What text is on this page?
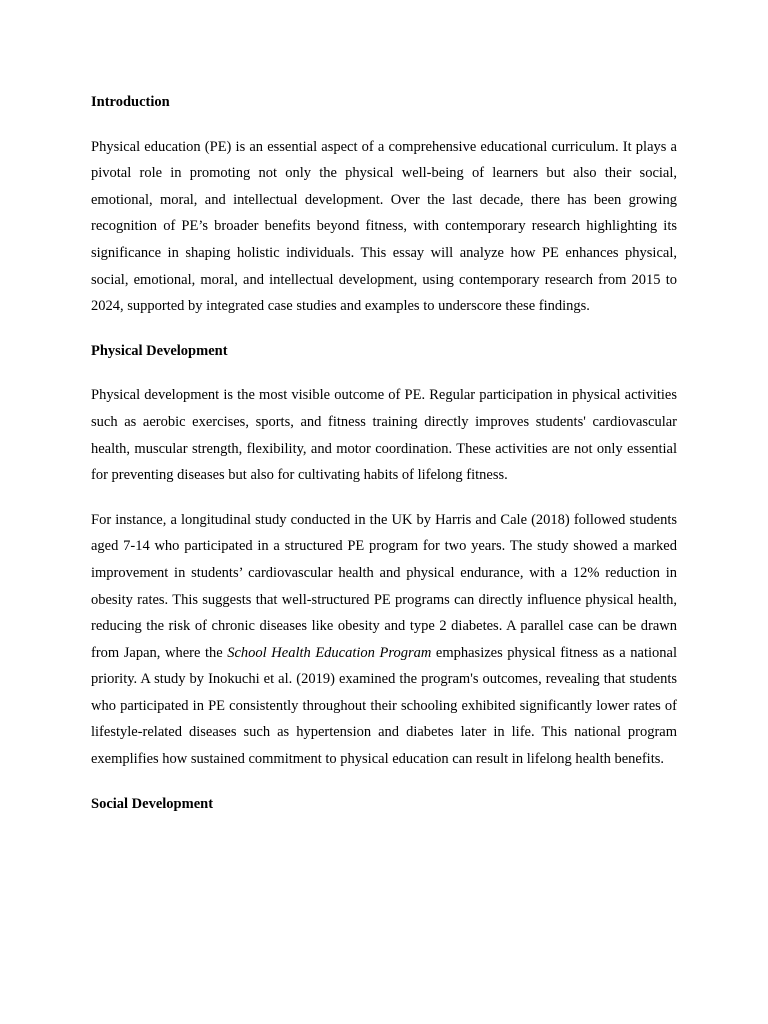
Introduction

Physical education (PE) is an essential aspect of a comprehensive educational curriculum. It plays a pivotal role in promoting not only the physical well-being of learners but also their social, emotional, moral, and intellectual development. Over the last decade, there has been growing recognition of PE’s broader benefits beyond fitness, with contemporary research highlighting its significance in shaping holistic individuals. This essay will analyze how PE enhances physical, social, emotional, moral, and intellectual development, using contemporary research from 2015 to 2024, supported by integrated case studies and examples to underscore these findings.

Physical Development

Physical development is the most visible outcome of PE. Regular participation in physical activities such as aerobic exercises, sports, and fitness training directly improves students' cardiovascular health, muscular strength, flexibility, and motor coordination. These activities are not only essential for preventing diseases but also for cultivating habits of lifelong fitness.

For instance, a longitudinal study conducted in the UK by Harris and Cale (2018) followed students aged 7-14 who participated in a structured PE program for two years. The study showed a marked improvement in students’ cardiovascular health and physical endurance, with a 12% reduction in obesity rates. This suggests that well-structured PE programs can directly influence physical health, reducing the risk of chronic diseases like obesity and type 2 diabetes. A parallel case can be drawn from Japan, where the School Health Education Program emphasizes physical fitness as a national priority. A study by Inokuchi et al. (2019) examined the program's outcomes, revealing that students who participated in PE consistently throughout their schooling exhibited significantly lower rates of lifestyle-related diseases such as hypertension and diabetes later in life. This national program exemplifies how sustained commitment to physical education can result in lifelong health benefits.

Social Development
